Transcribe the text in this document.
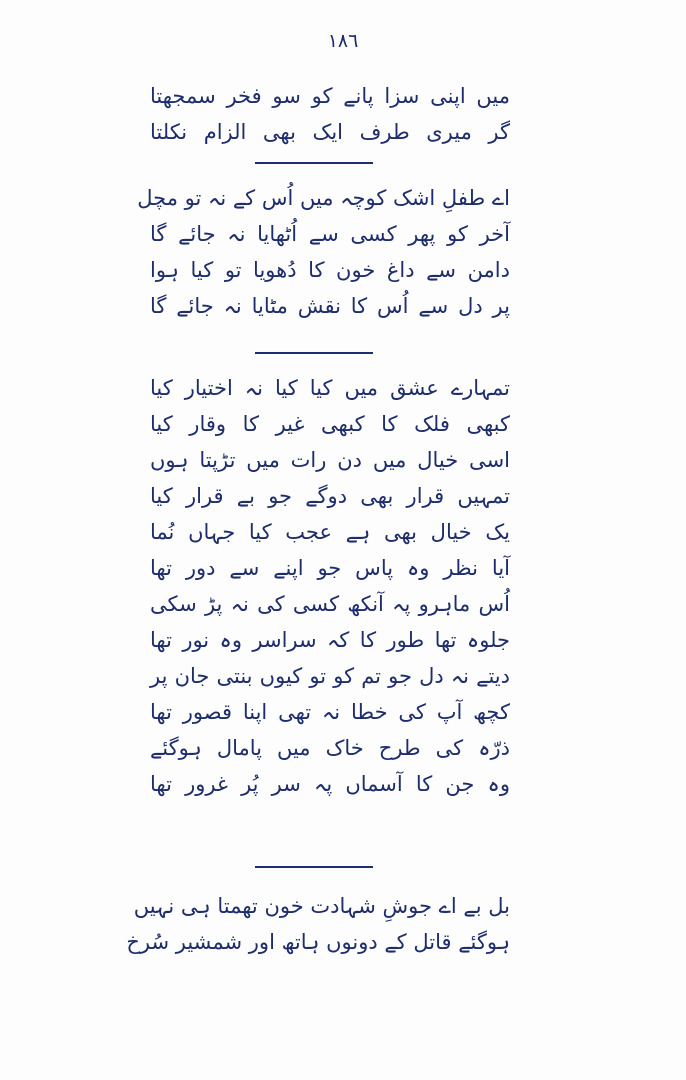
١٨٦
میں اپنی سزا پانے کو سو فخر سمجھتا
گر میری طرف ایک بھی الزام نکلتا
اے طفلِ اشک کوچہ میں اُس کے نہ تو مچل
آخر کو پھر کسی سے اُٹھایا نہ جائے گا
دامن سے داغ خون کا دُھویا تو کیا ہوا
پر دل سے اُس کا نقش مٹایا نہ جائے گا
تمہارے عشق میں کیا کیا نہ اختیار کیا
کبھی فلک کا کبھی غیر کا وقار کیا
اسی خیال میں دن رات میں تڑپتا ہوں
تمہیں قرار بھی دوگے جو بے قرار کیا
یک خیال بھی ہے عجب کیا جہاں نُما
آیا نظر وہ پاس جو اپنے سے دور تھا
اُس ماہرو پہ آنکھ کسی کی نہ پڑ سکی
جلوہ تھا طور کا کہ سراسر وہ نور تھا
دیتے نہ دل جو تم کو تو کیوں بنتی جان پر
کچھ آپ کی خطا نہ تھی اپنا قصور تھا
ذرّہ کی طرح خاک میں پامال ہوگئے
وہ جن کا آسماں پہ سر پُر غرور تھا
بل بے اے جوشِ شہادت خون تھمتا ہی نہیں
ہوگئے قاتل کے دونوں ہاتھ اور شمشیر سُرخ
